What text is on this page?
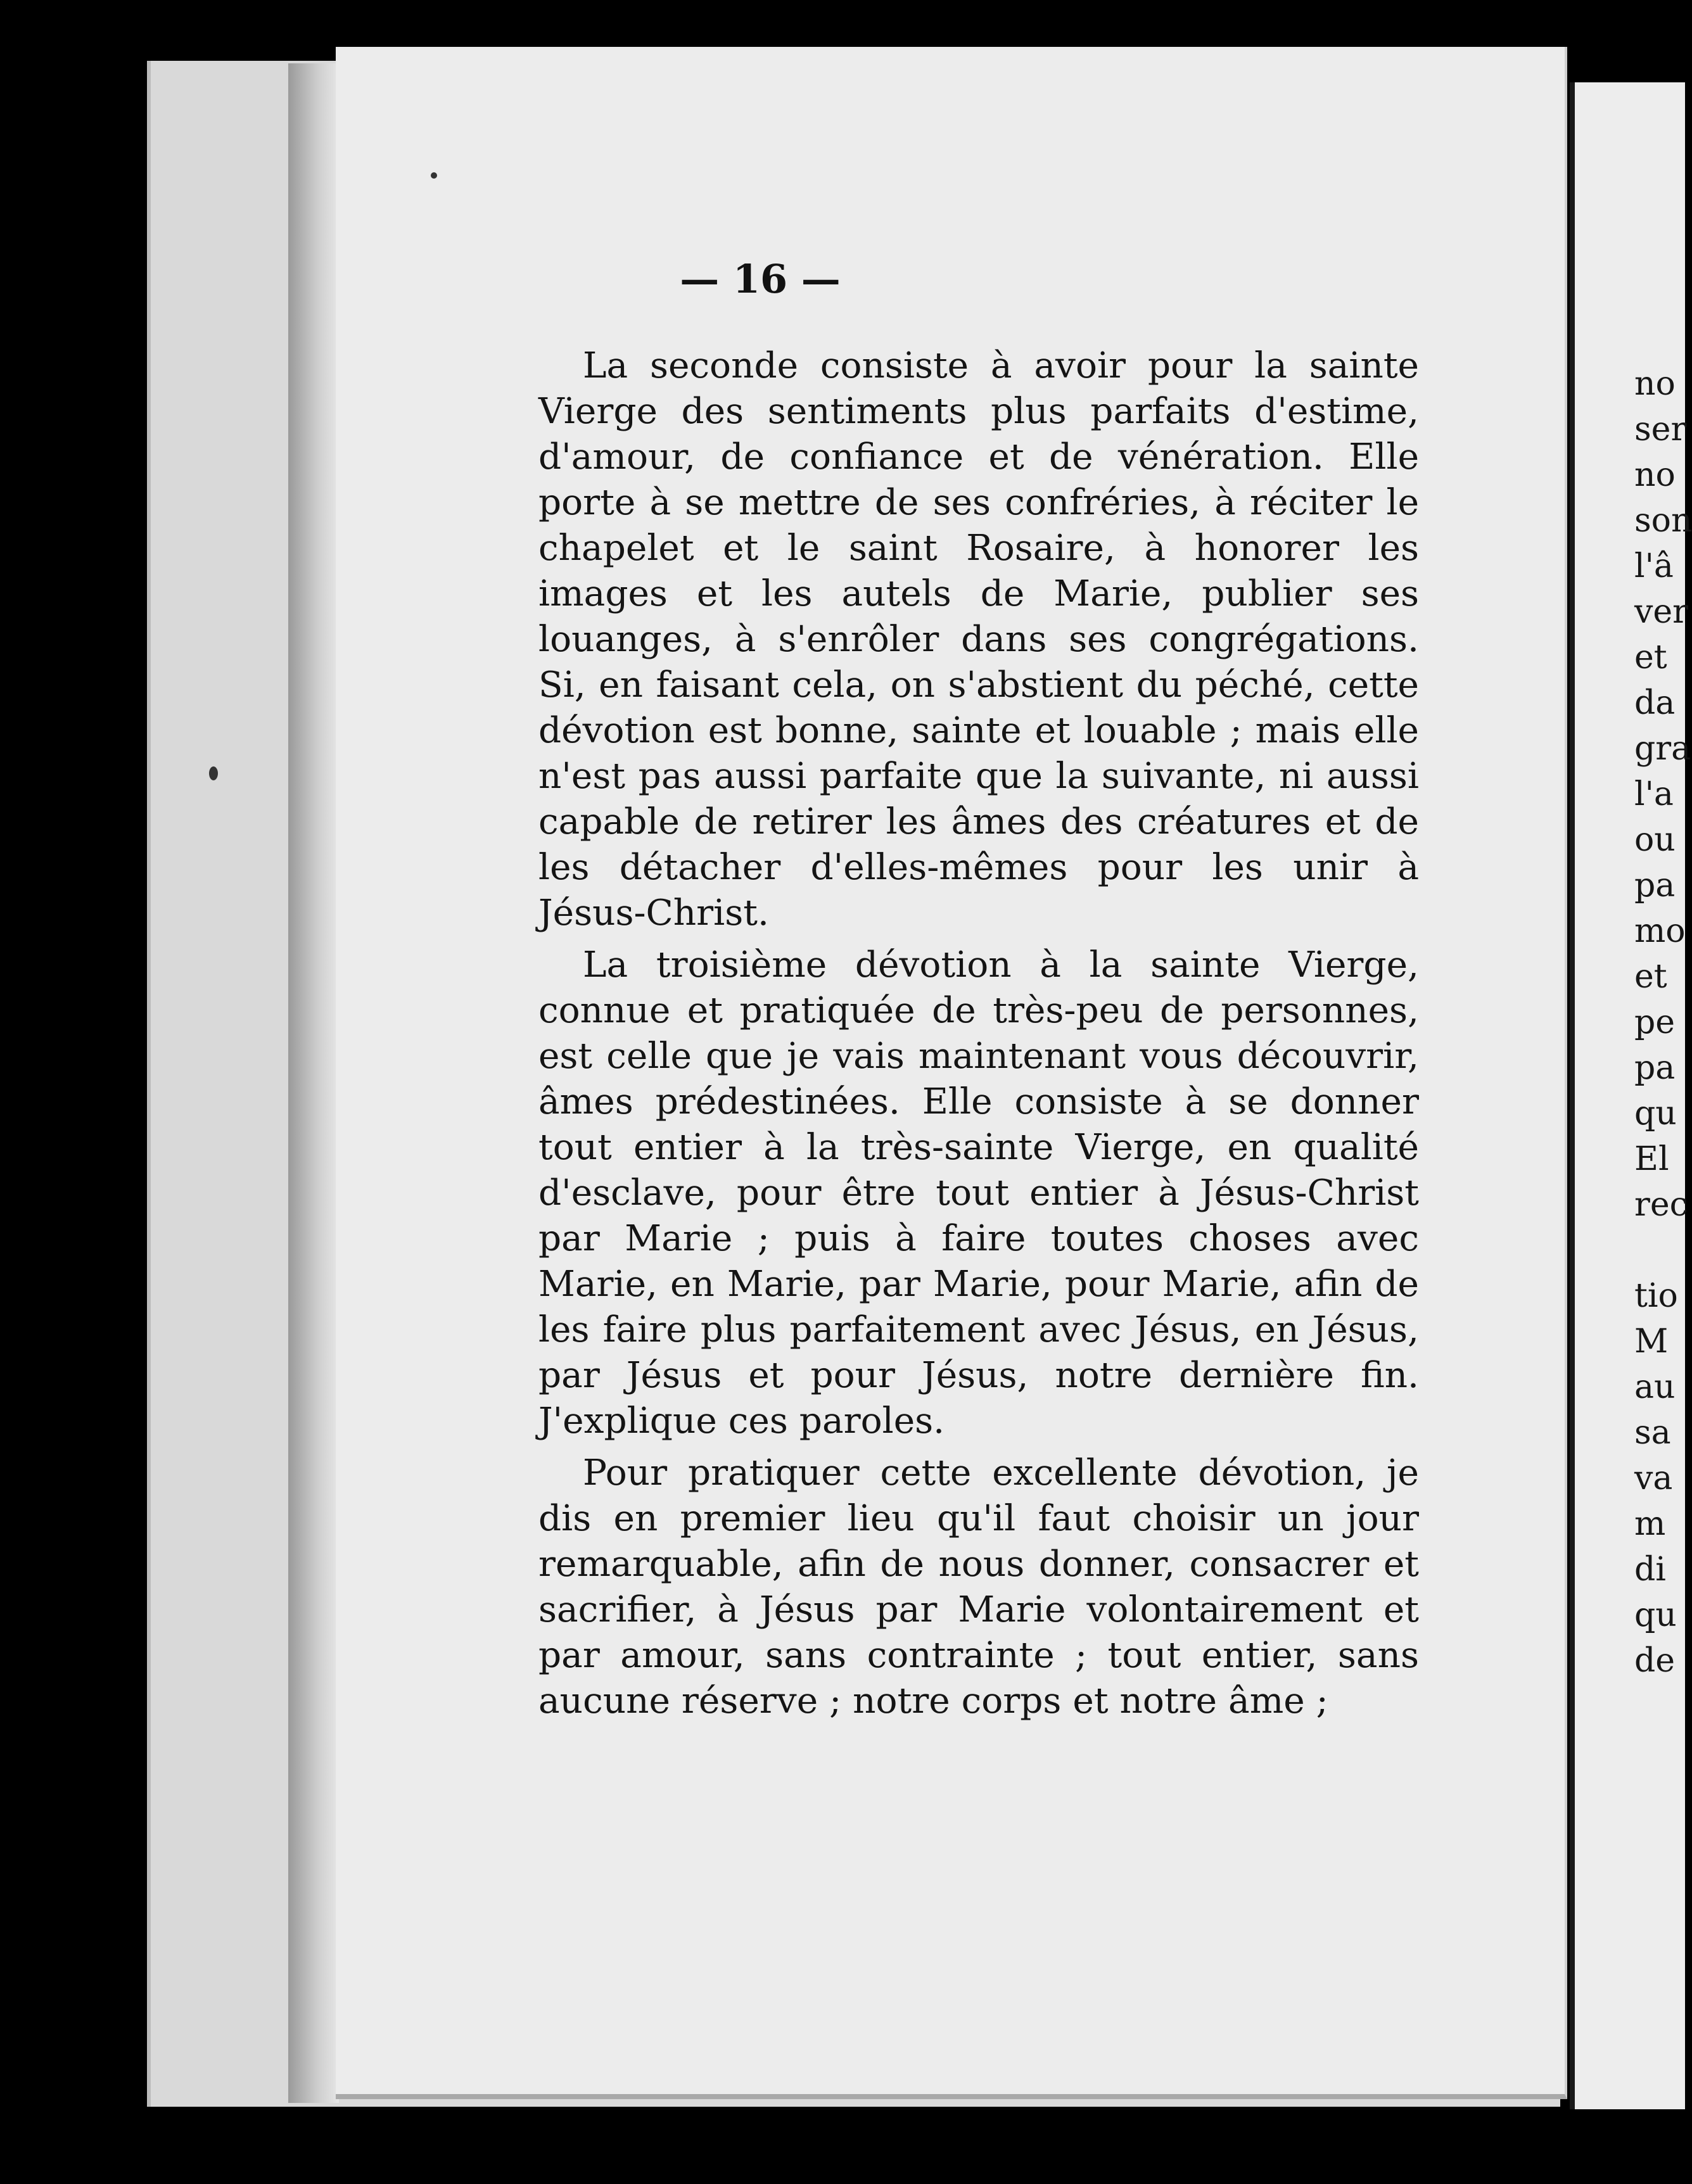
— 16 —

La seconde consiste à avoir pour la sainte Vierge des sentiments plus parfaits d'estime, d'amour, de confiance et de vénération. Elle porte à se mettre de ses confréries, à réciter le chapelet et le saint Rosaire, à honorer les images et les autels de Marie, publier ses louanges, à s'enrôler dans ses congrégations. Si, en faisant cela, on s'abstient du péché, cette dévotion est bonne, sainte et louable ; mais elle n'est pas aussi parfaite que la suivante, ni aussi capable de retirer les âmes des créatures et de les détacher d'elles-mêmes pour les unir à Jésus-Christ.

La troisième dévotion à la sainte Vierge, connue et pratiquée de très-peu de personnes, est celle que je vais maintenant vous découvrir, âmes prédestinées. Elle consiste à se donner tout entier à la très-sainte Vierge, en qualité d'esclave, pour être tout entier à Jésus-Christ par Marie ; puis à faire toutes choses avec Marie, en Marie, par Marie, pour Marie, afin de les faire plus parfaitement avec Jésus, en Jésus, par Jésus et pour Jésus, notre dernière fin. J'explique ces paroles.

Pour pratiquer cette excellente dévotion, je dis en premier lieu qu'il faut choisir un jour remarquable, afin de nous donner, consacrer et sacrifier, à Jésus par Marie volontairement et par amour, sans contrainte ; tout entier, sans aucune réserve ; notre corps et notre âme ;

no
ser
no
son
l'â
ver
et
da
gra
l'a
ou
pa
mo
et
pe
pa
qu
El
rec
tio
M
au
sa
va
m
di
qu
de
